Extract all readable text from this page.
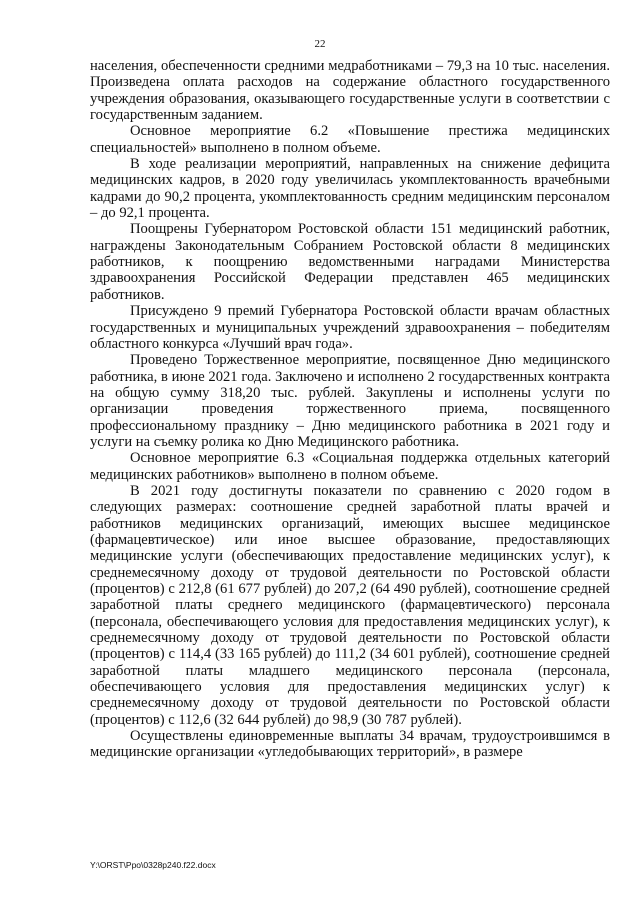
22

населения, обеспеченности средними медработниками – 79,3 на 10 тыс. населения. Произведена оплата расходов на содержание областного государственного учреждения образования, оказывающего государственные услуги в соответствии с государственным заданием.

Основное мероприятие 6.2 «Повышение престижа медицинских специальностей» выполнено в полном объеме.

В ходе реализации мероприятий, направленных на снижение дефицита медицинских кадров, в 2020 году увеличилась укомплектованность врачебными кадрами до 90,2 процента, укомплектованность средним медицинским персоналом – до 92,1 процента.

Поощрены Губернатором Ростовской области 151 медицинский работник, награждены Законодательным Собранием Ростовской области 8 медицинских работников, к поощрению ведомственными наградами Министерства здравоохранения Российской Федерации представлен 465 медицинских работников.

Присуждено 9 премий Губернатора Ростовской области врачам областных государственных и муниципальных учреждений здравоохранения – победителям областного конкурса «Лучший врач года».

Проведено Торжественное мероприятие, посвященное Дню медицинского работника, в июне 2021 года. Заключено и исполнено 2 государственных контракта на общую сумму 318,20 тыс. рублей. Закуплены и исполнены услуги по организации проведения торжественного приема, посвященного профессиональному празднику – Дню медицинского работника в 2021 году и услуги на съемку ролика ко Дню Медицинского работника.

Основное мероприятие 6.3 «Социальная поддержка отдельных категорий медицинских работников» выполнено в полном объеме.

В 2021 году достигнуты показатели по сравнению с 2020 годом в следующих размерах: соотношение средней заработной платы врачей и работников медицинских организаций, имеющих высшее медицинское (фармацевтическое) или иное высшее образование, предоставляющих медицинские услуги (обеспечивающих предоставление медицинских услуг), к среднемесячному доходу от трудовой деятельности по Ростовской области (процентов) с 212,8 (61 677 рублей) до 207,2 (64 490 рублей), соотношение средней заработной платы среднего медицинского (фармацевтического) персонала (персонала, обеспечивающего условия для предоставления медицинских услуг), к среднемесячному доходу от трудовой деятельности по Ростовской области (процентов) с 114,4 (33 165 рублей) до 111,2 (34 601 рублей), соотношение средней заработной платы младшего медицинского персонала (персонала, обеспечивающего условия для предоставления медицинских услуг) к среднемесячному доходу от трудовой деятельности по Ростовской области (процентов) с 112,6 (32 644 рублей) до 98,9 (30 787 рублей).

Осуществлены единовременные выплаты 34 врачам, трудоустроившимся в медицинские организации «угледобывающих территорий», в размере

Y:\ORST\Ppo\0328p240.f22.docx
